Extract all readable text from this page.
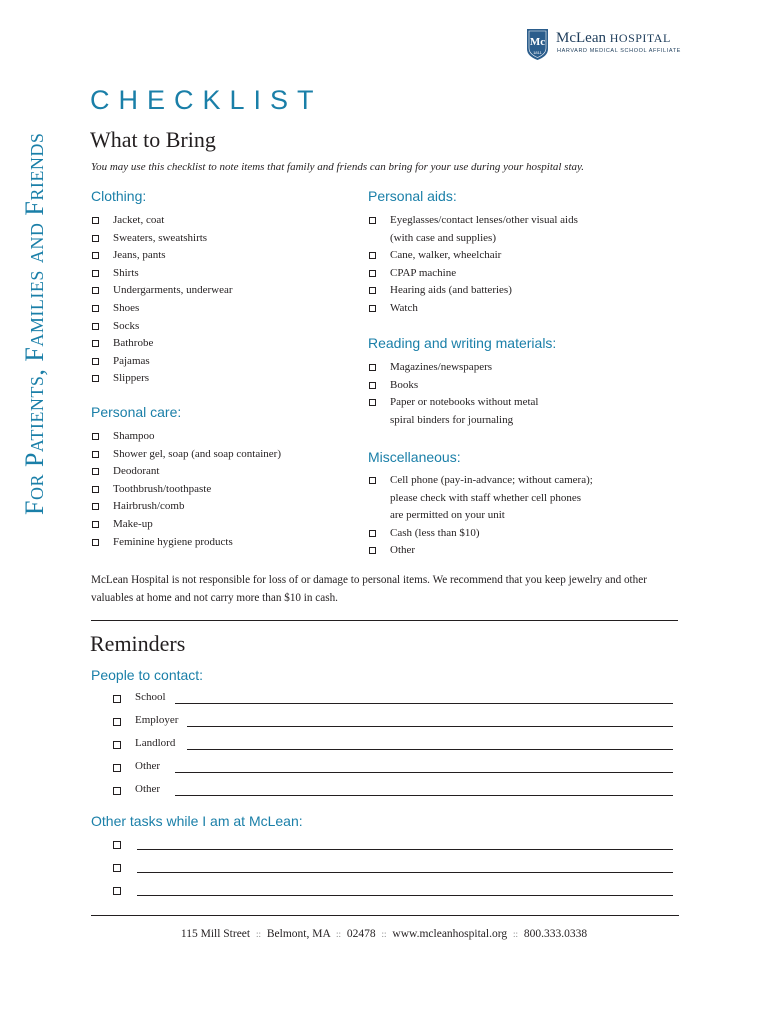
For Patients, Families and Friends
Mc
1811
McLean HOSPITAL
HARVARD MEDICAL SCHOOL AFFILIATE
CHECKLIST
What to Bring
You may use this checklist to note items that family and friends can bring for your use during your hospital stay.
Clothing:
Jacket, coat
Sweaters, sweatshirts
Jeans, pants
Shirts
Undergarments, underwear
Shoes
Socks
Bathrobe
Pajamas
Slippers
Personal care:
Shampoo
Shower gel, soap (and soap container)
Deodorant
Toothbrush/toothpaste
Hairbrush/comb
Make-up
Feminine hygiene products
Personal aids:
Eyeglasses/contact lenses/other visual aids
(with case and supplies)
Cane, walker, wheelchair
CPAP machine
Hearing aids (and batteries)
Watch
Reading and writing materials:
Magazines/newspapers
Books
Paper or notebooks without metal
spiral binders for journaling
Miscellaneous:
Cell phone (pay-in-advance; without camera);
please check with staff whether cell phones
are permitted on your unit
Cash (less than $10)
Other
McLean Hospital is not responsible for loss of or damage to personal items. We recommend that you keep jewelry and other valuables at home and not carry more than $10 in cash.
Reminders
People to contact:
School
Employer
Landlord
Other
Other
Other tasks while I am at McLean:
115 Mill Street :: Belmont, MA :: 02478 :: www.mcleanhospital.org :: 800.333.0338
